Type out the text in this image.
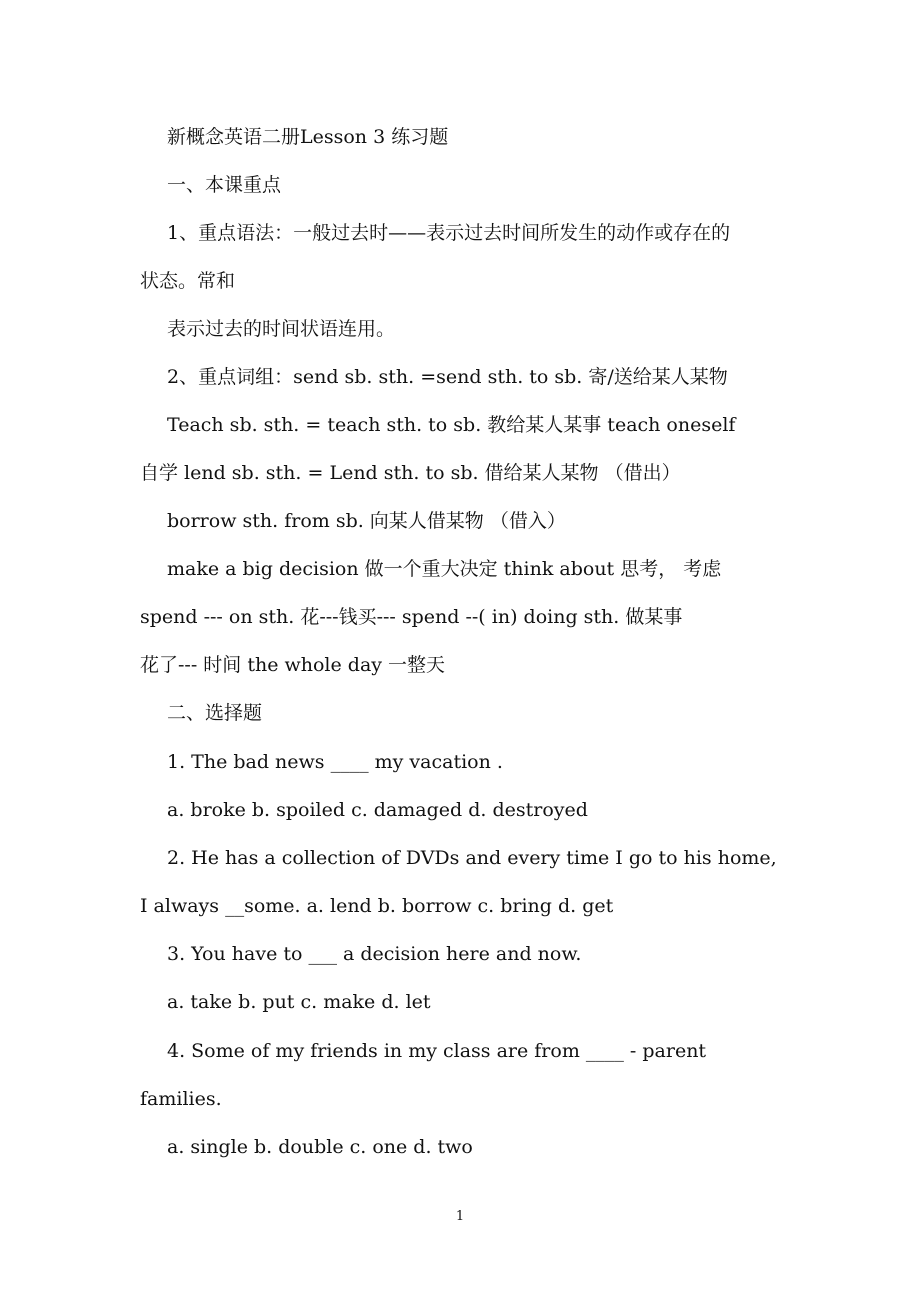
新概念英语二册Lesson 3 练习题
一、本课重点
1、重点语法：一般过去时——表示过去时间所发生的动作或存在的
状态。常和
表示过去的时间状语连用。
2、重点词组：send sb. sth. =send sth. to sb. 寄/送给某人某物
Teach sb. sth. = teach sth. to sb. 教给某人某事 teach oneself
自学 lend sb. sth. = Lend sth. to sb. 借给某人某物 （借出）
borrow sth. from sb. 向某人借某物 （借入）
make a big decision 做一个重大决定 think about 思考， 考虑
spend --- on sth. 花---钱买--- spend --( in) doing sth. 做某事
花了--- 时间 the whole day 一整天
二、选择题
1. The bad news ____ my vacation .
a. broke b. spoiled c. damaged d. destroyed
2. He has a collection of DVDs and every time I go to his home,
I always __some. a. lend b. borrow c. bring d. get
3. You have to ___ a decision here and now.
a. take b. put c. make d. let
4. Some of my friends in my class are from ____ - parent
families.
a. single b. double c. one d. two
1
